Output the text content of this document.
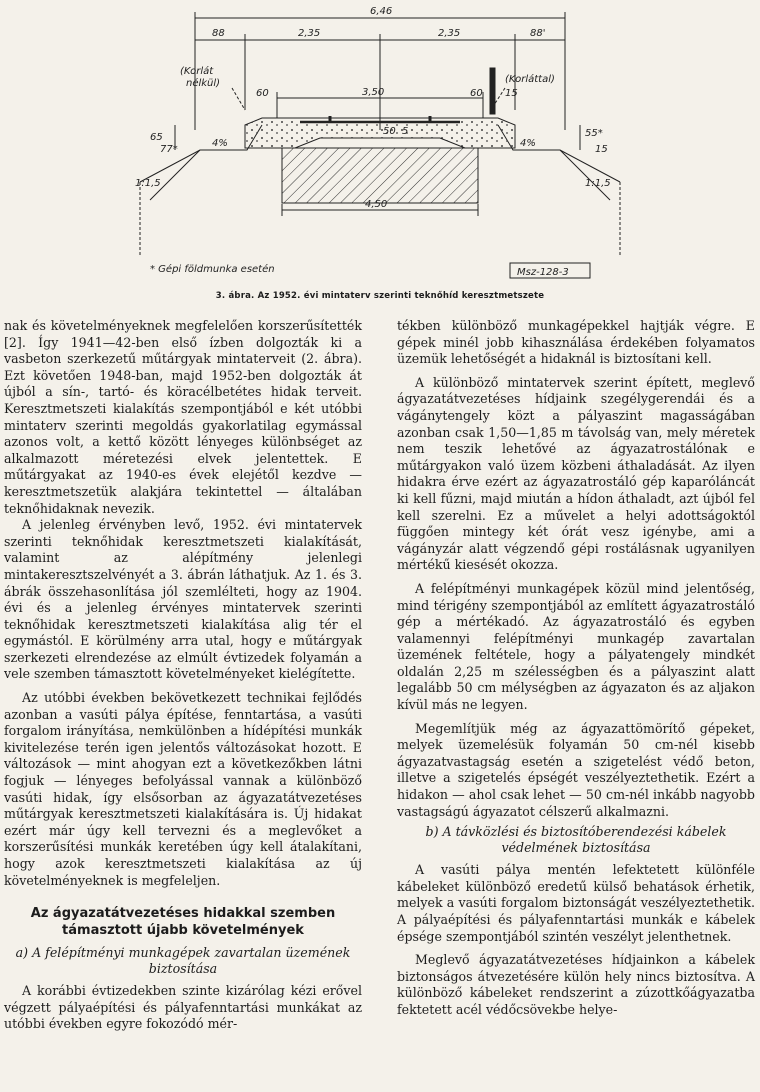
6,46
88	2,35	2,35	88'
(Korlát
nélkül)	(Korláttal)
60	3,50	60 15
65
77*
50 5
4%	4%
55*
15
1:1,5	1:1,5
4,50
* Gépi földmunka esetén	Msz-128-3
3. ábra. Az 1952. évi mintaterv szerinti teknőhíd keresztmetszete

nak és követelményeknek megfelelően korszerűsítették [2]. Így 1941—42-ben első ízben dolgozták ki a vasbeton szerkezetű műtárgyak mintaterveit (2. ábra). Ezt követően 1948-ban, majd 1952-ben dolgozták át újból a sín-, tartó- és köracélbetétes hidak terveit. Keresztmetszeti kialakítás szempontjából e két utóbbi mintaterv szerinti megoldás gyakorlatilag egymással azonos volt, a kettő között lényeges különbséget az alkalmazott méretezési elvek jelentettek. E műtárgyakat az 1940-es évek elejétől kezdve — keresztmetszetük alakjára tekintettel — általában teknőhidaknak nevezik.

A jelenleg érvényben levő, 1952. évi mintatervek szerinti teknőhidak keresztmetszeti kialakítását, valamint az alépítmény jelenlegi mintakeresztszelvényét a 3. ábrán láthatjuk. Az 1. és 3. ábrák összehasonlítása jól szemlélteti, hogy az 1904. évi és a jelenleg érvényes mintatervek szerinti teknőhidak keresztmetszeti kialakítása alig tér el egymástól. E körülmény arra utal, hogy e műtárgyak szerkezeti elrendezése az elmúlt évtizedek folyamán a vele szemben támasztott követelményeket kielégítette.

Az utóbbi években bekövetkezett technikai fejlődés azonban a vasúti pálya építése, fenntartása, a vasúti forgalom irányítása, nemkülönben a hídépítési munkák kivitelezése terén igen jelentős változásokat hozott. E változások — mint ahogyan ezt a következőkben látni fogjuk — lényeges befolyással vannak a különböző vasúti hidak, így elsősorban az ágyazatátvezetéses műtárgyak keresztmetszeti kialakítására is. Új hidakat ezért már úgy kell tervezni és a meglevőket a korszerűsítési munkák keretében úgy kell átalakítani, hogy azok keresztmetszeti kialakítása az új követelményeknek is megfeleljen.

Az ágyazatátvezetéses hidakkal szemben támasztott újabb követelmények
a) A felépítményi munkagépek zavartalan üzemének biztosítása

A korábbi évtizedekben szinte kizárólag kézi erővel végzett pályaépítési és pályafenntartási munkákat az utóbbi években egyre fokozódó mér-

tékben különböző munkagépekkel hajtják végre. E gépek minél jobb kihasználása érdekében folyamatos üzemük lehetőségét a hidaknál is biztosítani kell.

A különböző mintatervek szerint épített, meglevő ágyazatátvezetéses hídjaink szegélygerendái és a vágánytengely közt a pályaszint magasságában azonban csak 1,50—1,85 m távolság van, mely méretek nem teszik lehetővé az ágyazatrostálónak e műtárgyakon való üzem közbeni áthaladását. Az ilyen hidakra érve ezért az ágyazatrostáló gép kaparóláncát ki kell fűzni, majd miután a hídon áthaladt, azt újból fel kell szerelni. Ez a művelet a helyi adottságoktól függően mintegy két órát vesz igénybe, ami a vágányzár alatt végzendő gépi rostálásnak ugyanilyen mértékű kiesését okozza.

A felépítményi munkagépek közül mind jelentőség, mind térigény szempontjából az említett ágyazatrostáló gép a mértékadó. Az ágyazatrostáló és egyben valamennyi felépítményi munkagép zavartalan üzemének feltétele, hogy a pályatengely mindkét oldalán 2,25 m szélességben és a pályaszint alatt legalább 50 cm mélységben az ágyazaton és az aljakon kívül más ne legyen.

Megemlítjük még az ágyazattömörítő gépeket, melyek üzemelésük folyamán 50 cm-nél kisebb ágyazatvastagság esetén a szigetelést védő beton, illetve a szigetelés épségét veszélyeztethetik. Ezért a hidakon — ahol csak lehet — 50 cm-nél inkább nagyobb vastagságú ágyazatot célszerű alkalmazni.

b) A távközlési és biztosítóberendezési kábelek védelmének biztosítása

A vasúti pálya mentén lefektetett különféle kábeleket különböző eredetű külső behatások érhetik, melyek a vasúti forgalom biztonságát veszélyeztethetik. A pályaépítési és pályafenntartási munkák e kábelek épsége szempontjából szintén veszélyt jelenthetnek.

Meglevő ágyazatátvezetéses hídjainkon a kábelek biztonságos átvezetésére külön hely nincs biztosítva. A különböző kábeleket rendszerint a zúzottkőágyazatba fektetett acél védőcsövekbe helye-
